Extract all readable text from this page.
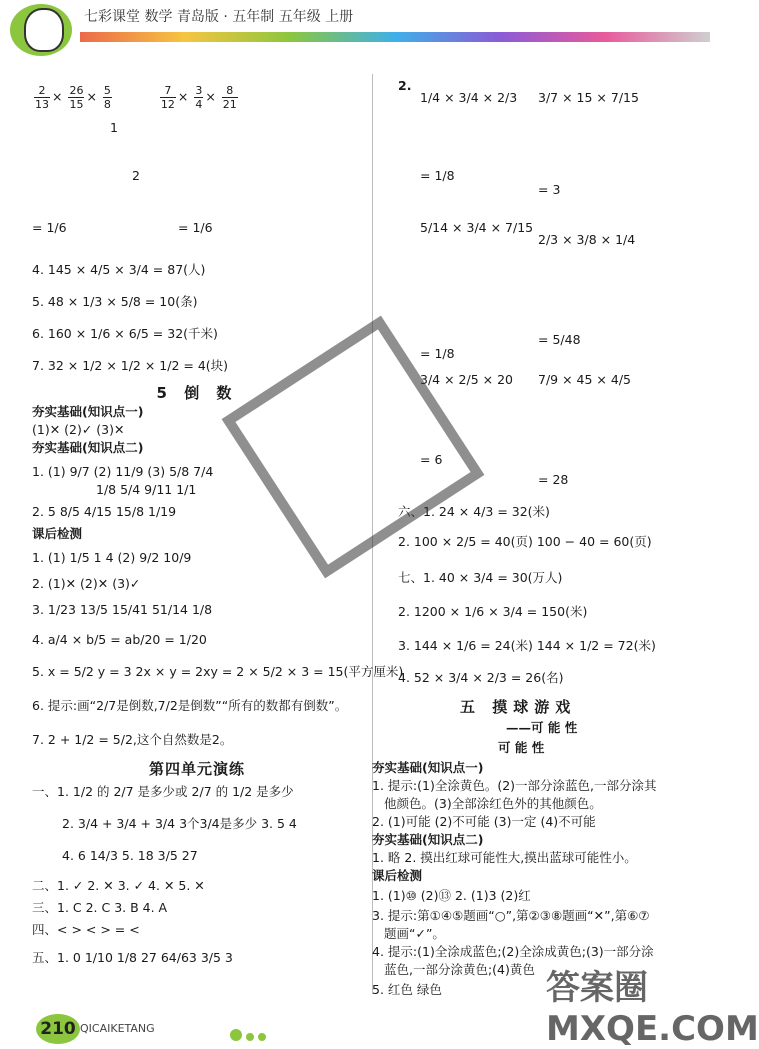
七彩课堂 数学 青岛版 · 五年制 五年级 上册
$\frac{2}{13} \times \frac{26}{15} \times \frac{5}{8}$
	$\frac{7}{12} \times \frac{3}{4} \times \frac{8}{21}$
1
2
= 1/6	= 1/6
4. 145 × 4/5 × 3/4 = 87(人)
5. 48 × 1/3 × 5/8 = 10(条)
6. 160 × 1/6 × 6/5 = 32(千米)
7. 32 × 1/2 × 1/2 × 1/2 = 4(块)
5 倒 数
夯实基础(知识点一)
(1)✕ (2)✓ (3)✕
夯实基础(知识点二)
1. (1) 9/7 (2) 11/9 (3) 5/8 7/4
1/8 5/4 9/11 1/1
2. 5 8/5 4/15 15/8 1/19
课后检测
1. (1) 1/5 1 4 (2) 9/2 10/9
2. (1)✕ (2)✕ (3)✓
3. 1/23 13/5 15/41 51/14 1/8
4. a/4 × b/5 = ab/20 = 1/20
5. x = 5/2 y = 3 2x × y = 2xy = 2 × 5/2 × 3 = 15(平方厘米)
6. 提示:画“2/7是倒数,7/2是倒数”“所有的数都有倒数”。
7. 2 + 1/2 = 5/2,这个自然数是2。
第四单元演练
一、1. 1/2 的 2/7 是多少或 2/7 的 1/2 是多少
2. 3/4 + 3/4 + 3/4 3个3/4是多少 3. 5 4
4. 6 14/3 5. 18 3/5 27
二、1. ✓ 2. ✕ 3. ✓ 4. ✕ 5. ✕
三、1. C 2. C 3. B 4. A
四、< > < > = <
五、1. 0 1/10 1/8 27 64/63 3/5 3
2.
1/4 × 3/4 × 2/3 3/7 × 15 × 7/15
= 1/8
= 3
5/14 × 3/4 × 7/15
2/3 × 3/8 × 1/4
= 1/8
= 5/48
3/4 × 2/5 × 20 7/9 × 45 × 4/5
= 6
= 28
六、1. 24 × 4/3 = 32(米)
2. 100 × 2/5 = 40(页) 100 − 40 = 60(页)
七、1. 40 × 3/4 = 30(万人)
2. 1200 × 1/6 × 3/4 = 150(米)
3. 144 × 1/6 = 24(米) 144 × 1/2 = 72(米)
4. 52 × 3/4 × 2/3 = 26(名)
五 摸球游戏
——可 能 性
可 能 性
夯实基础(知识点一)
1. 提示:(1)全涂黄色。(2)一部分涂蓝色,一部分涂其
他颜色。(3)全部涂红色外的其他颜色。
2. (1)可能 (2)不可能 (3)一定 (4)不可能
夯实基础(知识点二)
1. 略 2. 摸出红球可能性大,摸出蓝球可能性小。
课后检测
1. (1)⑩ (2)⑬ 2. (1)3 (2)红
3. 提示:第①④⑤题画“○”,第②③⑧题画“✕”,第⑥⑦
题画“✓”。
4. 提示:(1)全涂成蓝色;(2)全涂成黄色;(3)一部分涂
蓝色,一部分涂黄色;(4)黄色
5. 红色 绿色
210 QICAIKETANG
答案圈 MXQE.COM
